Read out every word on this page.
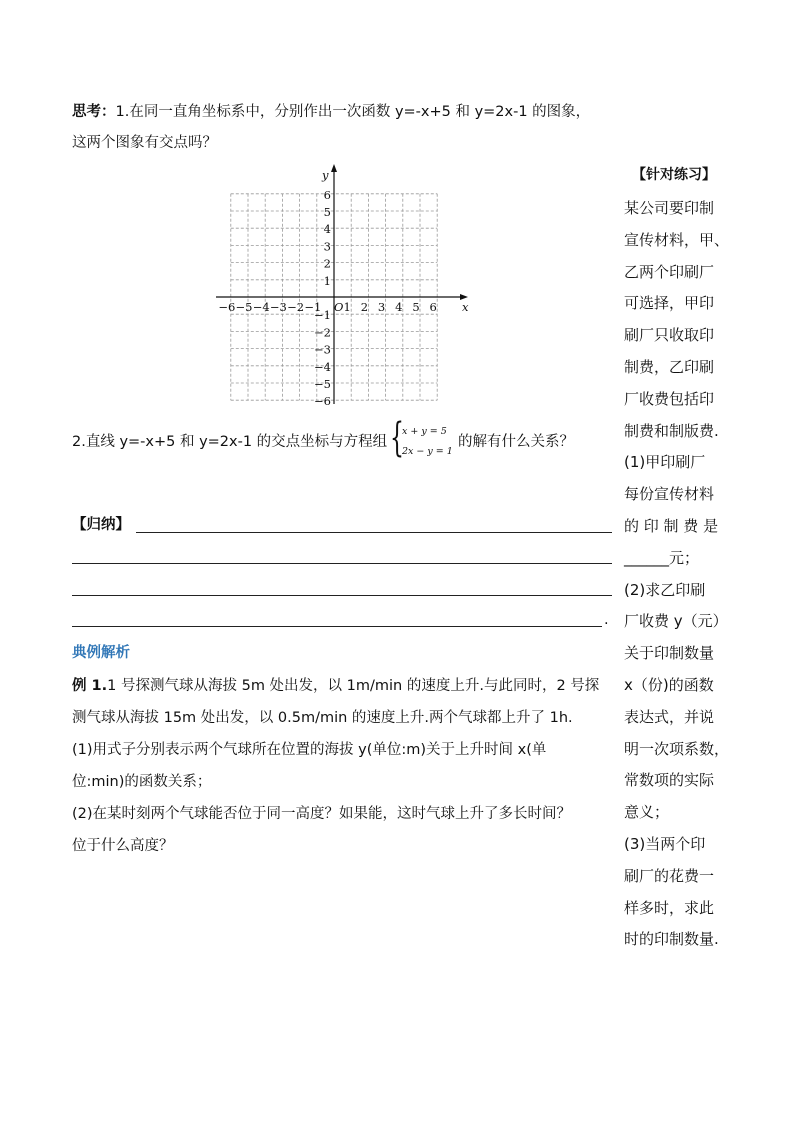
思考：1.在同一直角坐标系中，分别作出一次函数 y=-x+5 和 y=2x-1 的图象，
这两个图象有交点吗？
x
y
O
−6 −5 −4 −3 −2 −1 1 2 3 4 5 6
6
5
4
3
2
1
−1
−2
−3
−4
−5
−6
2.直线 y=-x+5 和 y=2x-1 的交点坐标与方程组 {
x + y = 5
2x − y = 1
的解有什么关系？
【归纳】
.
典例解析
例 1.1 号探测气球从海拔 5m 处出发，以 1m/min 的速度上升.与此同时，2 号探
测气球从海拔 15m 处出发，以 0.5m/min 的速度上升.两个气球都上升了 1h.
(1)用式子分别表示两个气球所在位置的海拔 y(单位:m)关于上升时间 x(单
位:min)的函数关系；
(2)在某时刻两个气球能否位于同一高度？如果能，这时气球上升了多长时间？
位于什么高度？
【针对练习】
某公司要印制
宣传材料，甲、
乙两个印刷厂
可选择，甲印
刷厂只收取印
制费，乙印刷
厂收费包括印
制费和制版费.
(1)甲印刷厂
每份宣传材料
的 印 制 费 是
______元；
(2)求乙印刷
厂收费 y（元）
关于印制数量
x（份)的函数
表达式，并说
明一次项系数，
常数项的实际
意义；
(3)当两个印
刷厂的花费一
样多时，求此
时的印制数量.
